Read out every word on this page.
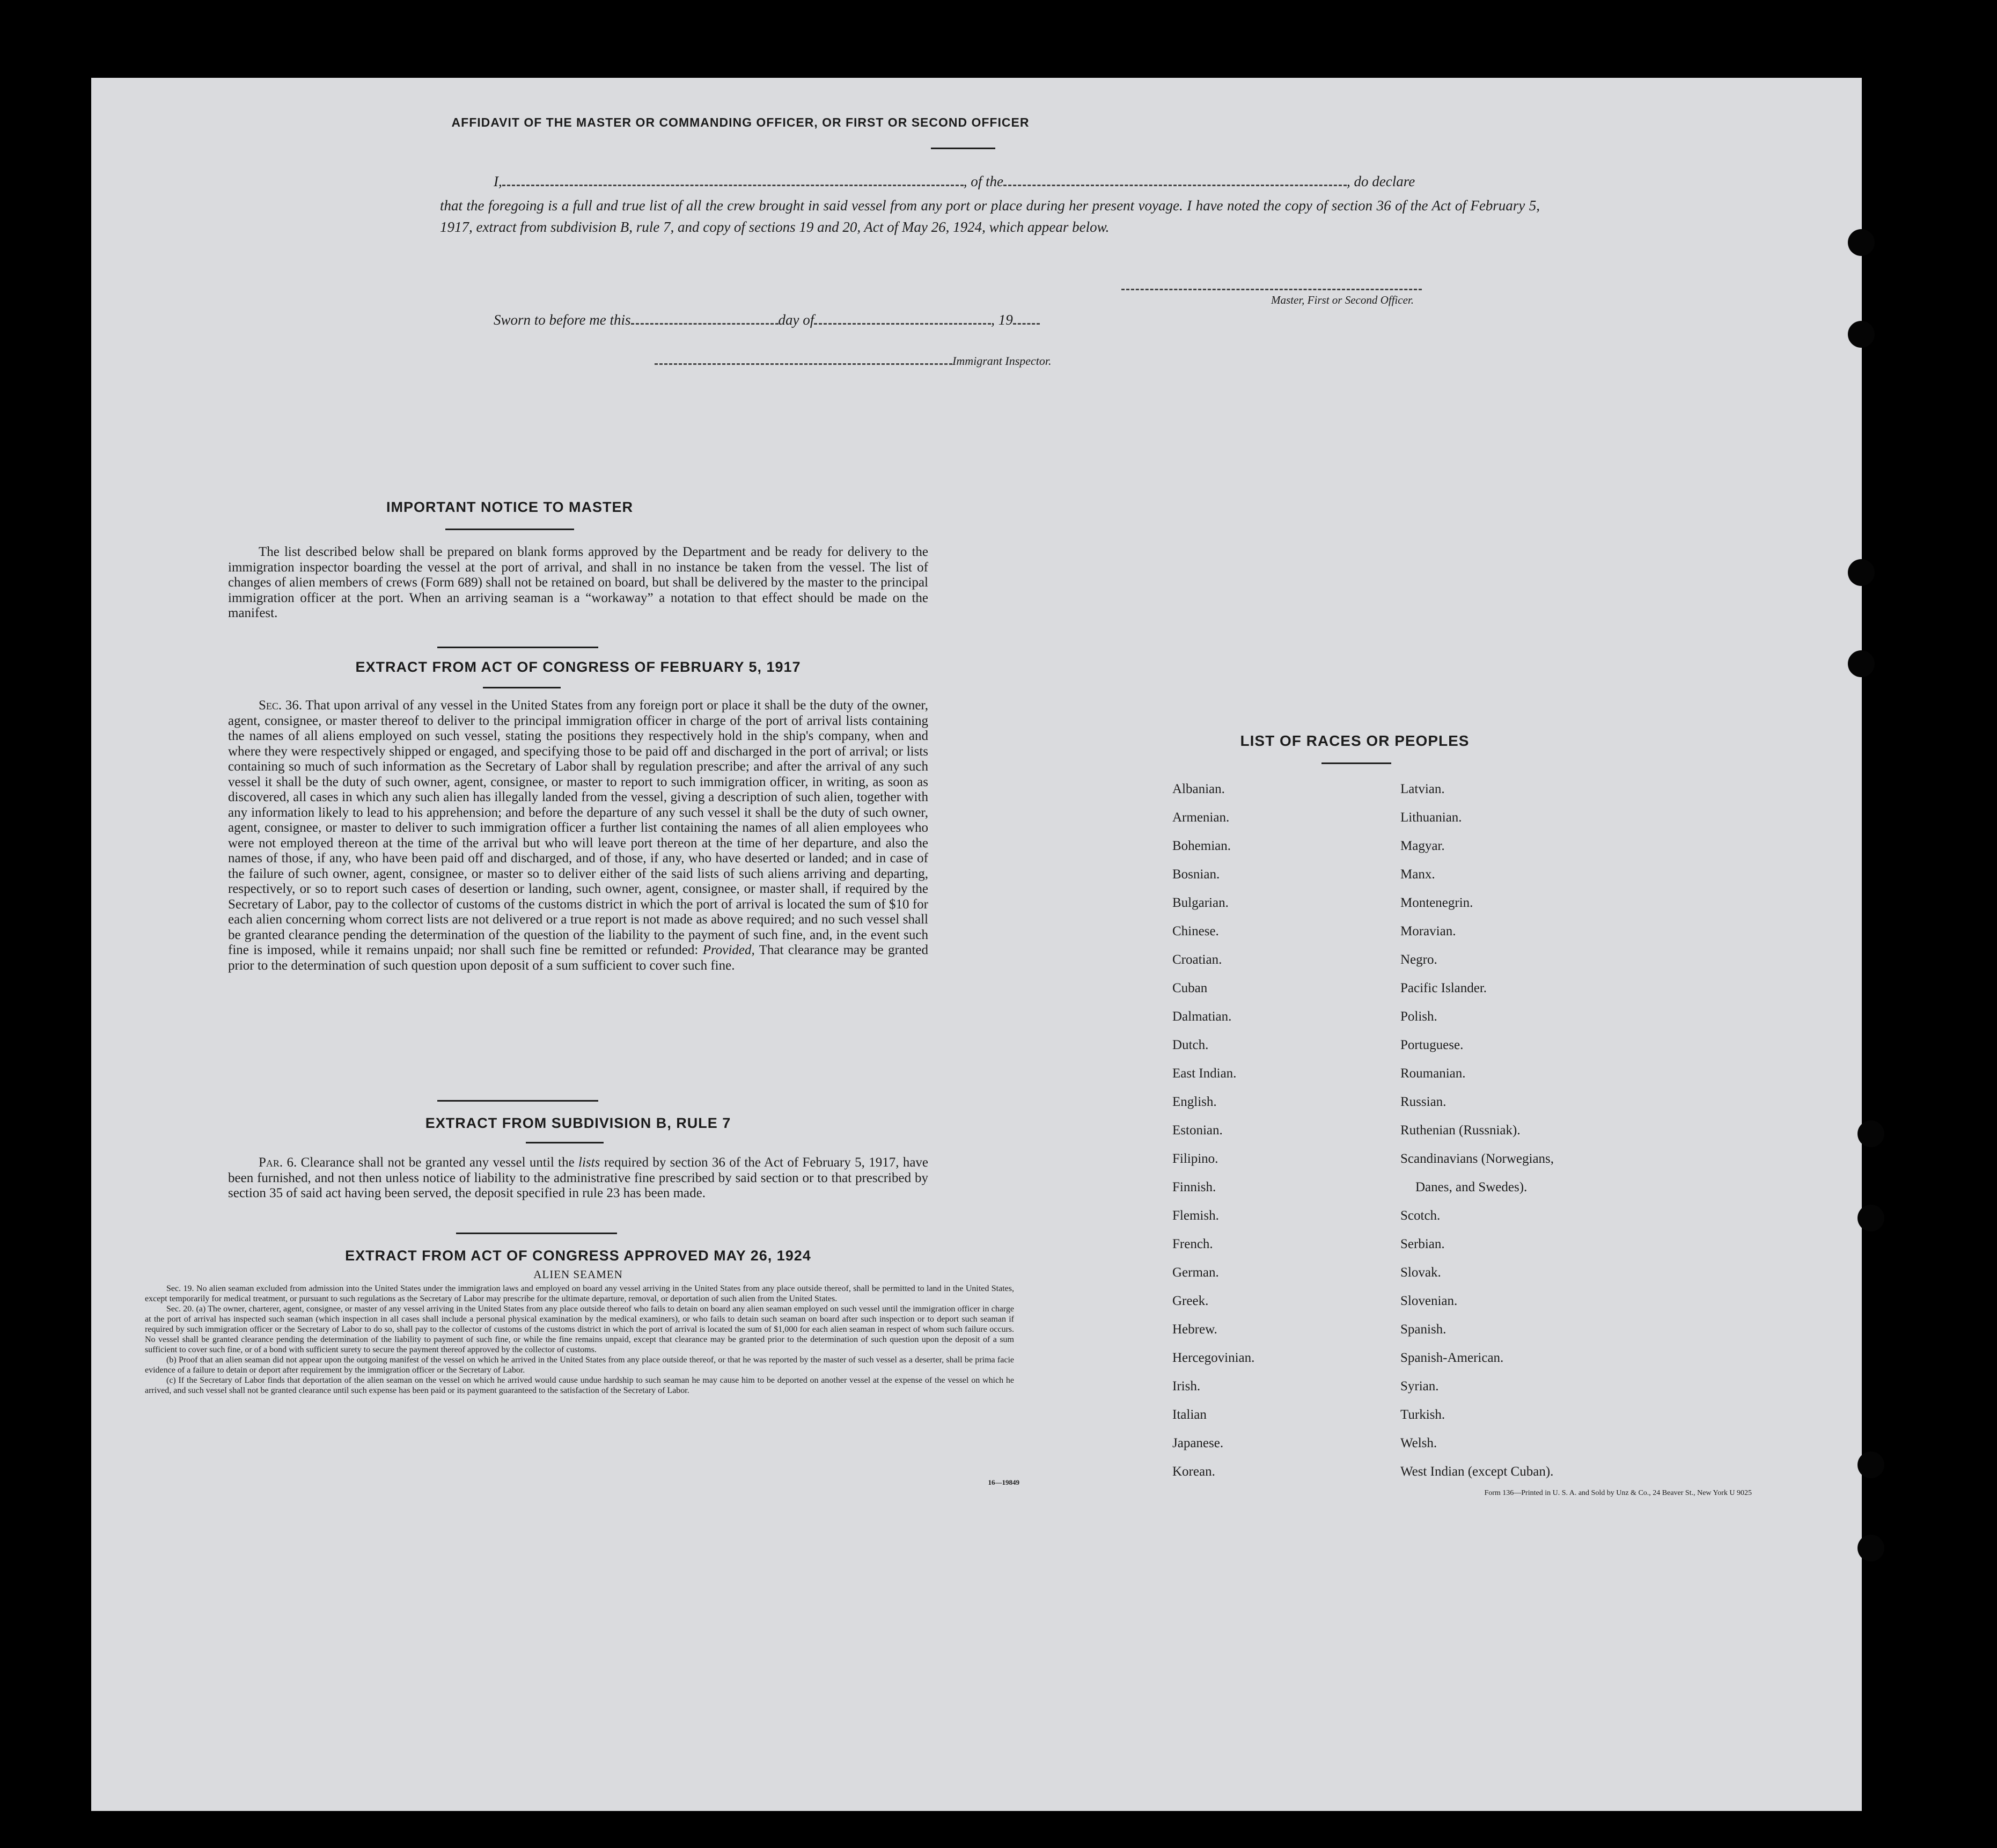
AFFIDAVIT OF THE MASTER OR COMMANDING OFFICER, OR FIRST OR SECOND OFFICER
I,	, of the	, do declare
that the foregoing is a full and true list of all the crew brought in said vessel from any port or place during her present voyage. I have noted the copy of section 36 of the Act of February 5, 1917, extract from subdivision B, rule 7, and copy of sections 19 and 20, Act of May 26, 1924, which appear below.
Master, First or Second Officer.
Sworn to before me this	day of	, 19
Immigrant Inspector.
IMPORTANT NOTICE TO MASTER
The list described below shall be prepared on blank forms approved by the Department and be ready for delivery to the immigration inspector boarding the vessel at the port of arrival, and shall in no instance be taken from the vessel. The list of changes of alien members of crews (Form 689) shall not be retained on board, but shall be delivered by the master to the principal immigration officer at the port. When an arriving seaman is a “workaway” a notation to that effect should be made on the manifest.
EXTRACT FROM ACT OF CONGRESS OF FEBRUARY 5, 1917
Sec. 36. That upon arrival of any vessel in the United States from any foreign port or place it shall be the duty of the owner, agent, consignee, or master thereof to deliver to the principal immigration officer in charge of the port of arrival lists containing the names of all aliens employed on such vessel, stating the positions they respectively hold in the ship's company, when and where they were respectively shipped or engaged, and specifying those to be paid off and discharged in the port of arrival; or lists containing so much of such information as the Secretary of Labor shall by regulation prescribe; and after the arrival of any such vessel it shall be the duty of such owner, agent, consignee, or master to report to such immigration officer, in writing, as soon as discovered, all cases in which any such alien has illegally landed from the vessel, giving a description of such alien, together with any information likely to lead to his apprehension; and before the departure of any such vessel it shall be the duty of such owner, agent, consignee, or master to deliver to such immigration officer a further list containing the names of all alien employees who were not employed thereon at the time of the arrival but who will leave port thereon at the time of her departure, and also the names of those, if any, who have been paid off and discharged, and of those, if any, who have deserted or landed; and in case of the failure of such owner, agent, consignee, or master so to deliver either of the said lists of such aliens arriving and departing, respectively, or so to report such cases of desertion or landing, such owner, agent, consignee, or master shall, if required by the Secretary of Labor, pay to the collector of customs of the customs district in which the port of arrival is located the sum of $10 for each alien concerning whom correct lists are not delivered or a true report is not made as above required; and no such vessel shall be granted clearance pending the determination of the question of the liability to the payment of such fine, and, in the event such fine is imposed, while it remains unpaid; nor shall such fine be remitted or refunded: Provided, That clearance may be granted prior to the determination of such question upon deposit of a sum sufficient to cover such fine.
EXTRACT FROM SUBDIVISION B, RULE 7
Par. 6. Clearance shall not be granted any vessel until the lists required by section 36 of the Act of February 5, 1917, have been furnished, and not then unless notice of liability to the administrative fine prescribed by said section or to that prescribed by section 35 of said act having been served, the deposit specified in rule 23 has been made.
EXTRACT FROM ACT OF CONGRESS APPROVED MAY 26, 1924
ALIEN SEAMEN
Sec. 19. No alien seaman excluded from admission into the United States under the immigration laws and employed on board any vessel arriving in the United States from any place outside thereof, shall be permitted to land in the United States, except temporarily for medical treatment, or pursuant to such regulations as the Secretary of Labor may prescribe for the ultimate departure, removal, or deportation of such alien from the United States.
Sec. 20. (a) The owner, charterer, agent, consignee, or master of any vessel arriving in the United States from any place outside thereof who fails to detain on board any alien seaman employed on such vessel until the immigration officer in charge at the port of arrival has inspected such seaman (which inspection in all cases shall include a personal physical examination by the medical examiners), or who fails to detain such seaman on board after such inspection or to deport such seaman if required by such immigration officer or the Secretary of Labor to do so, shall pay to the collector of customs of the customs district in which the port of arrival is located the sum of $1,000 for each alien seaman in respect of whom such failure occurs. No vessel shall be granted clearance pending the determination of the liability to payment of such fine, or while the fine remains unpaid, except that clearance may be granted prior to the determination of such question upon the deposit of a sum sufficient to cover such fine, or of a bond with sufficient surety to secure the payment thereof approved by the collector of customs.
(b) Proof that an alien seaman did not appear upon the outgoing manifest of the vessel on which he arrived in the United States from any place outside thereof, or that he was reported by the master of such vessel as a deserter, shall be prima facie evidence of a failure to detain or deport after requirement by the immigration officer or the Secretary of Labor.
(c) If the Secretary of Labor finds that deportation of the alien seaman on the vessel on which he arrived would cause undue hardship to such seaman he may cause him to be deported on another vessel at the expense of the vessel on which he arrived, and such vessel shall not be granted clearance until such expense has been paid or its payment guaranteed to the satisfaction of the Secretary of Labor.
16—19849
LIST OF RACES OR PEOPLES
Albanian.	Latvian.
Armenian.	Lithuanian.
Bohemian.	Magyar.
Bosnian.	Manx.
Bulgarian.	Montenegrin.
Chinese.	Moravian.
Croatian.	Negro.
Cuban	Pacific Islander.
Dalmatian.	Polish.
Dutch.	Portuguese.
East Indian.	Roumanian.
English.	Russian.
Estonian.	Ruthenian (Russniak).
Filipino.	Scandinavians (Norwegians,
Finnish.	Danes, and Swedes).
Flemish.	Scotch.
French.	Serbian.
German.	Slovak.
Greek.	Slovenian.
Hebrew.	Spanish.
Hercegovinian.	Spanish-American.
Irish.	Syrian.
Italian	Turkish.
Japanese.	Welsh.
Korean.	West Indian (except Cuban).
Form 136—Printed in U. S. A. and Sold by Unz & Co., 24 Beaver St., New York U 9025
